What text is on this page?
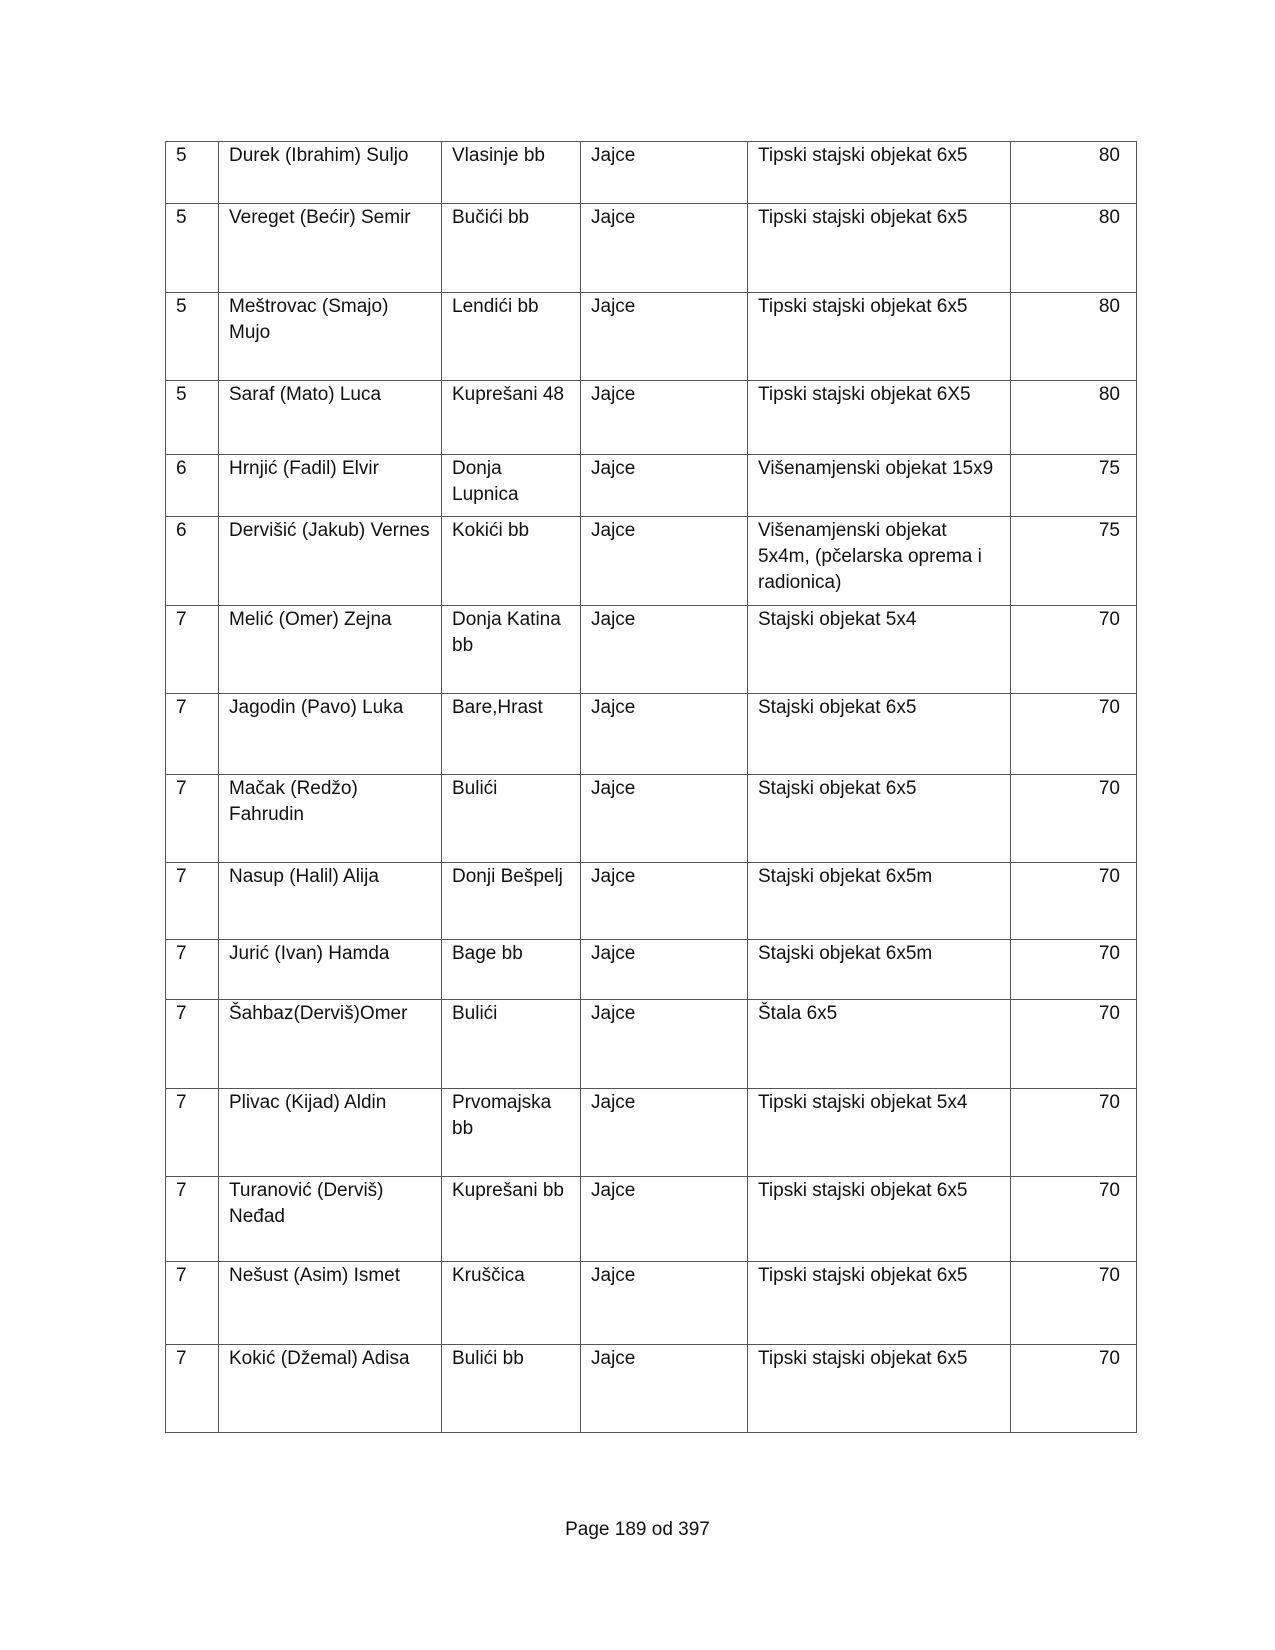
5	Durek (Ibrahim) Suljo	Vlasinje bb	Jajce	Tipski stajski objekat 6x5	80
5	Vereget (Bećir) Semir	Bučići bb	Jajce	Tipski stajski objekat 6x5	80
5	Meštrovac (Smajo) Mujo	Lendići bb	Jajce	Tipski stajski objekat 6x5	80
5	Saraf (Mato) Luca	Kuprešani 48	Jajce	Tipski stajski objekat 6X5	80
6	Hrnjić (Fadil) Elvir	Donja Lupnica	Jajce	Višenamjenski objekat 15x9	75
6	Dervišić (Jakub) Vernes	Kokići bb	Jajce	Višenamjenski objekat 5x4m, (pčelarska oprema i radionica)	75
7	Melić (Omer) Zejna	Donja Katina bb	Jajce	Stajski objekat 5x4	70
7	Jagodin (Pavo) Luka	Bare,Hrast	Jajce	Stajski objekat 6x5	70
7	Mačak (Redžo) Fahrudin	Bulići	Jajce	Stajski objekat 6x5	70
7	Nasup (Halil) Alija	Donji Bešpelj	Jajce	Stajski objekat 6x5m	70
7	Jurić (Ivan) Hamda	Bage bb	Jajce	Stajski objekat 6x5m	70
7	Šahbaz(Derviš)Omer	Bulići	Jajce	Štala 6x5	70
7	Plivac (Kijad) Aldin	Prvomajska bb	Jajce	Tipski stajski objekat 5x4	70
7	Turanović (Derviš) Neđad	Kuprešani bb	Jajce	Tipski stajski objekat 6x5	70
7	Nešust (Asim) Ismet	Kruščica	Jajce	Tipski stajski objekat 6x5	70
7	Kokić (Džemal) Adisa	Bulići bb	Jajce	Tipski stajski objekat 6x5	70
Page 189 od 397
